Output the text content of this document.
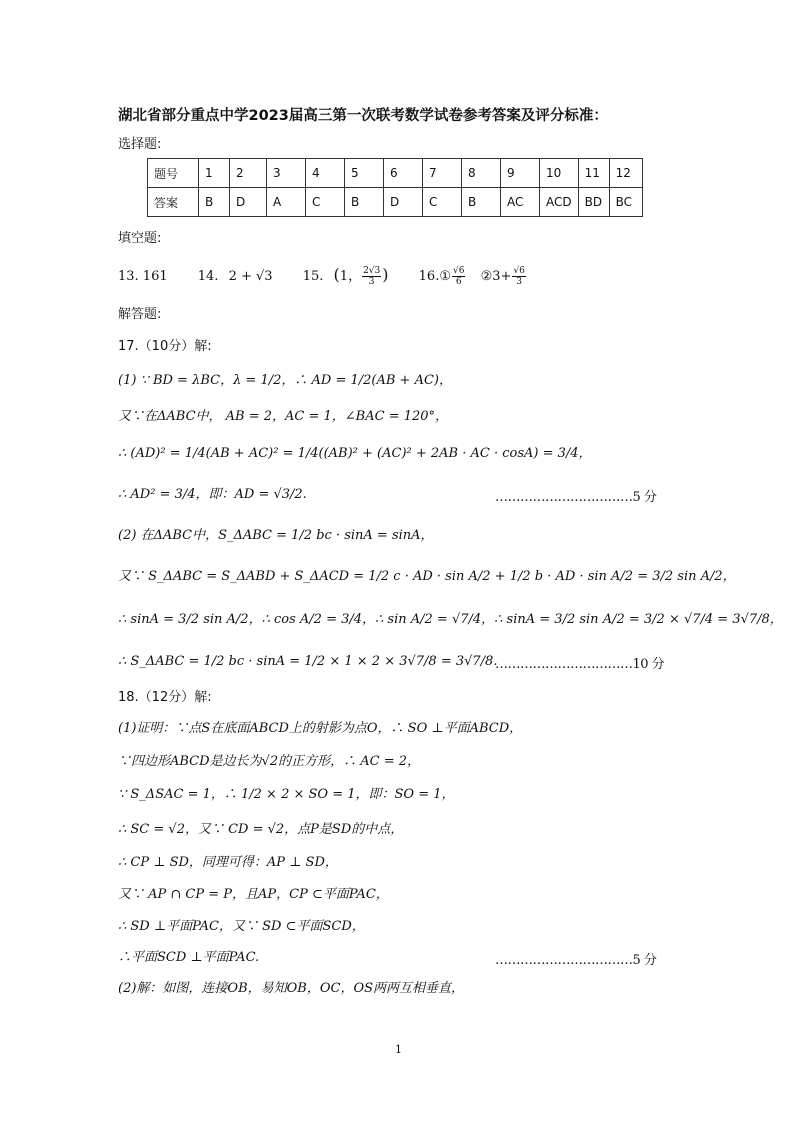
湖北省部分重点中学2023届高三第一次联考数学试卷参考答案及评分标准：
选择题:
题号	1	2	3	4	5	6	7	8	9	10	11	12
答案	B	D	A	C	B	D	C	B	AC	ACD	BD	BC
填空题:
13. 161 14. 2 + √3 15. (1， $\frac{2√3}{3}$ ) 16.① $\frac{√6}{6}$ ②3+ $\frac{√6}{3}$
解答题:
17.（10分）解:
(1) ∵ BD = λBC，λ = 1/2，∴ AD = 1/2(AB + AC)，
又∵在ΔABC中， AB = 2，AC = 1，∠BAC = 120°，
∴ (AD)² = 1/4(AB + AC)² = 1/4((AB)² + (AC)² + 2AB · AC · cosA) = 3/4，
∴ AD² = 3/4，即：AD = √3/2.	……………………………5 分
(2) 在ΔABC中，S_ΔABC = 1/2 bc · sinA = sinA，
又∵ S_ΔABC = S_ΔABD + S_ΔACD = 1/2 c · AD · sin A/2 + 1/2 b · AD · sin A/2 = 3/2 sin A/2，
∴ sinA = 3/2 sin A/2，∴ cos A/2 = 3/4，∴ sin A/2 = √7/4，∴ sinA = 3/2 sin A/2 = 3/2 × √7/4 = 3√7/8，
∴ S_ΔABC = 1/2 bc · sinA = 1/2 × 1 × 2 × 3√7/8 = 3√7/8.
……………………………10 分
18.（12分）解:
(1)证明：∵点S在底面ABCD上的射影为点O，∴ SO ⊥平面ABCD，
∵四边形ABCD是边长为√2的正方形，∴ AC = 2，
∵ S_ΔSAC = 1，∴ 1/2 × 2 × SO = 1，即：SO = 1，
∴ SC = √2，又∵ CD = √2，点P是SD的中点，
∴ CP ⊥ SD，同理可得：AP ⊥ SD，
又∵ AP ∩ CP = P，且AP，CP ⊂平面PAC，
∴ SD ⊥平面PAC，又∵ SD ⊂平面SCD，
∴平面SCD ⊥平面PAC.	……………………………5 分
(2)解：如图，连接OB，易知OB，OC，OS两两互相垂直，
1
